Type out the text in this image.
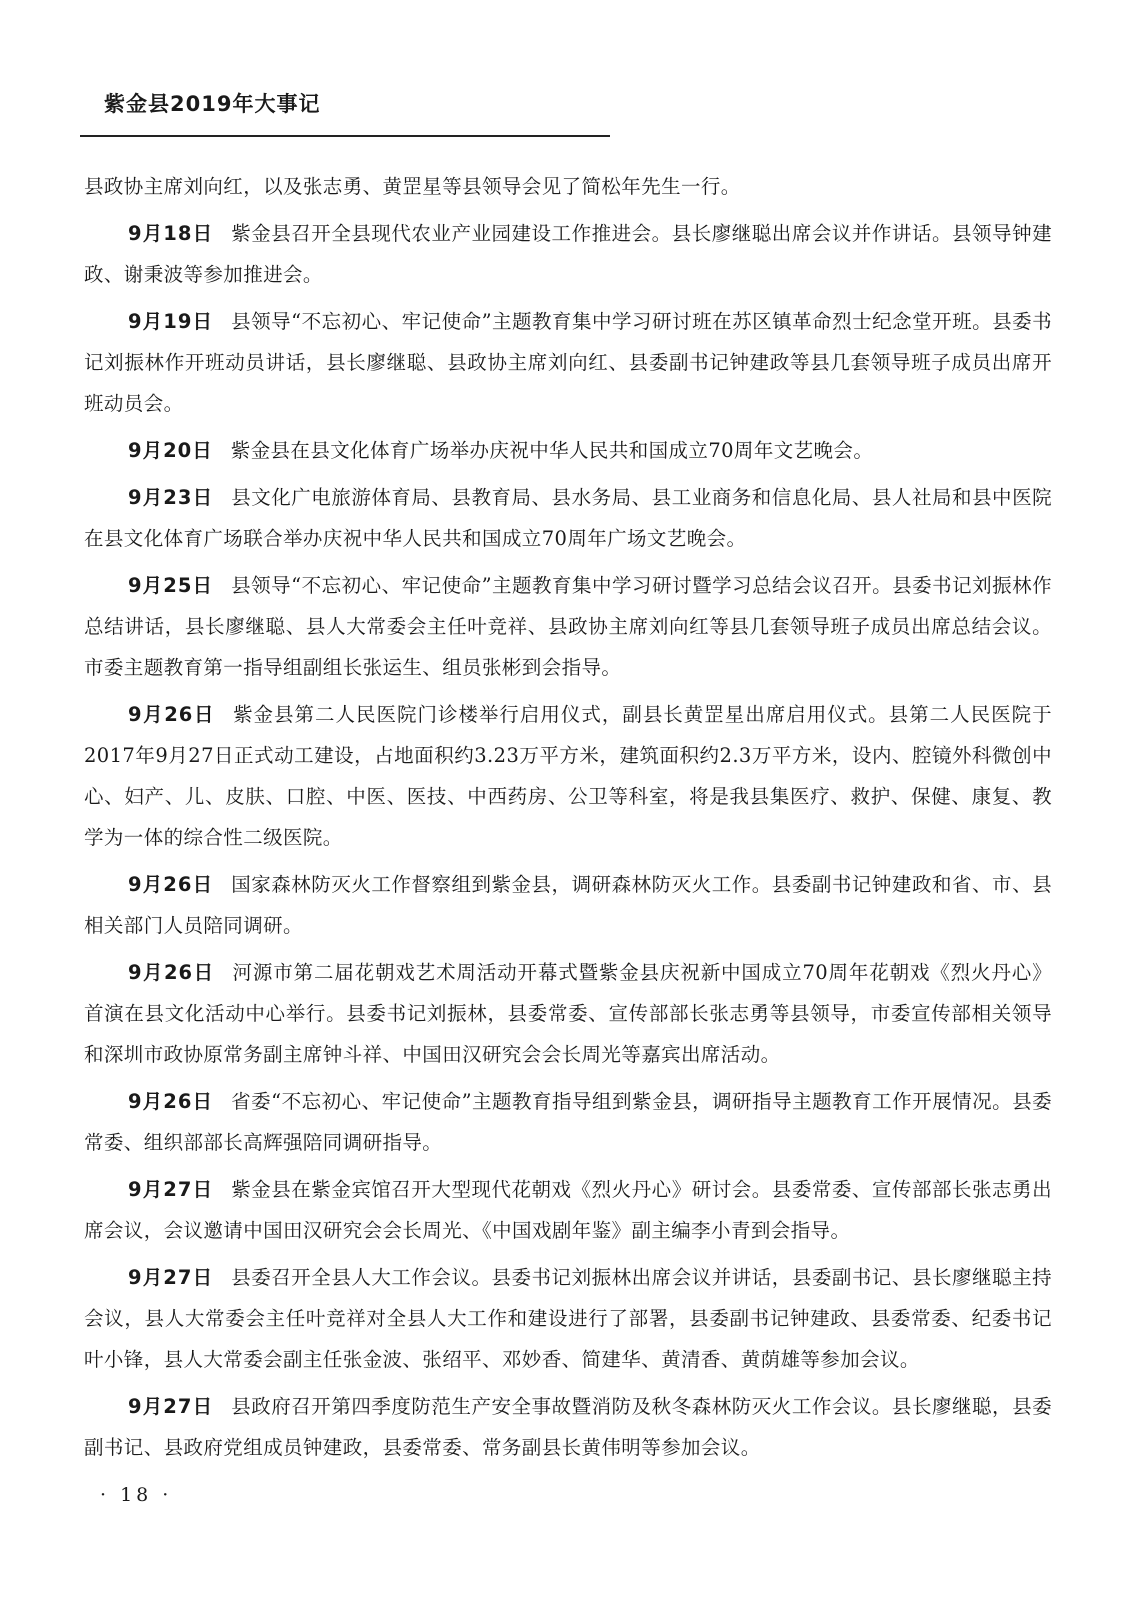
紫金县2019年大事记

县政协主席刘向红，以及张志勇、黄罡星等县领导会见了简松年先生一行。

9月18日 紫金县召开全县现代农业产业园建设工作推进会。县长廖继聪出席会议并作讲话。县领导钟建政、谢秉波等参加推进会。

9月19日 县领导“不忘初心、牢记使命”主题教育集中学习研讨班在苏区镇革命烈士纪念堂开班。县委书记刘振林作开班动员讲话，县长廖继聪、县政协主席刘向红、县委副书记钟建政等县几套领导班子成员出席开班动员会。

9月20日 紫金县在县文化体育广场举办庆祝中华人民共和国成立70周年文艺晚会。

9月23日 县文化广电旅游体育局、县教育局、县水务局、县工业商务和信息化局、县人社局和县中医院在县文化体育广场联合举办庆祝中华人民共和国成立70周年广场文艺晚会。

9月25日 县领导“不忘初心、牢记使命”主题教育集中学习研讨暨学习总结会议召开。县委书记刘振林作总结讲话，县长廖继聪、县人大常委会主任叶竞祥、县政协主席刘向红等县几套领导班子成员出席总结会议。市委主题教育第一指导组副组长张运生、组员张彬到会指导。

9月26日 紫金县第二人民医院门诊楼举行启用仪式，副县长黄罡星出席启用仪式。县第二人民医院于2017年9月27日正式动工建设，占地面积约3.23万平方米，建筑面积约2.3万平方米，设内、腔镜外科微创中心、妇产、儿、皮肤、口腔、中医、医技、中西药房、公卫等科室，将是我县集医疗、救护、保健、康复、教学为一体的综合性二级医院。

9月26日 国家森林防灭火工作督察组到紫金县，调研森林防灭火工作。县委副书记钟建政和省、市、县相关部门人员陪同调研。

9月26日 河源市第二届花朝戏艺术周活动开幕式暨紫金县庆祝新中国成立70周年花朝戏《烈火丹心》首演在县文化活动中心举行。县委书记刘振林，县委常委、宣传部部长张志勇等县领导，市委宣传部相关领导和深圳市政协原常务副主席钟斗祥、中国田汉研究会会长周光等嘉宾出席活动。

9月26日 省委“不忘初心、牢记使命”主题教育指导组到紫金县，调研指导主题教育工作开展情况。县委常委、组织部部长高辉强陪同调研指导。

9月27日 紫金县在紫金宾馆召开大型现代花朝戏《烈火丹心》研讨会。县委常委、宣传部部长张志勇出席会议，会议邀请中国田汉研究会会长周光、《中国戏剧年鉴》副主编李小青到会指导。

9月27日 县委召开全县人大工作会议。县委书记刘振林出席会议并讲话，县委副书记、县长廖继聪主持会议，县人大常委会主任叶竞祥对全县人大工作和建设进行了部署，县委副书记钟建政、县委常委、纪委书记叶小锋，县人大常委会副主任张金波、张绍平、邓妙香、简建华、黄清香、黄荫雄等参加会议。

9月27日 县政府召开第四季度防范生产安全事故暨消防及秋冬森林防灭火工作会议。县长廖继聪，县委副书记、县政府党组成员钟建政，县委常委、常务副县长黄伟明等参加会议。

· 18 ·
